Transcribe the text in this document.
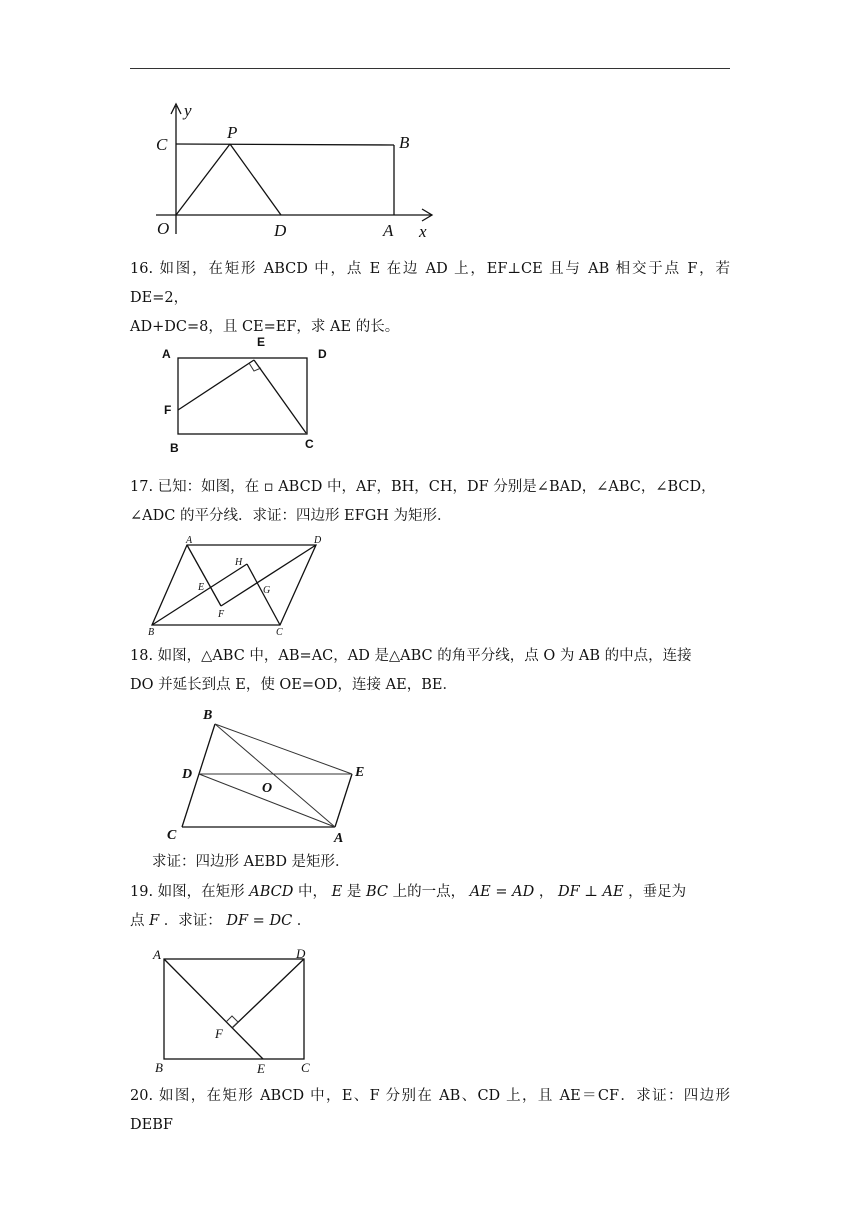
y
C
P
B
O	D	A x
16. 如图，在矩形 ABCD 中，点 E 在边 AD 上，EF⊥CE 且与 AB 相交于点 F，若 DE=2，
AD+DC=8，且 CE=EF，求 AE 的长。
A
E
D
F
B	C
17. 已知：如图，在 ▫ ABCD 中，AF，BH，CH，DF 分别是∠BAD，∠ABC，∠BCD，
∠ADC 的平分线．求证：四边形 EFGH 为矩形．
A	D
H
E	G
F
B	C
18. 如图，△ABC 中，AB=AC，AD 是△ABC 的角平分线，点 O 为 AB 的中点，连接
DO 并延长到点 E，使 OE=OD，连接 AE，BE．
B
D	E
O
C	A
求证：四边形 AEBD 是矩形．
19. 如图，在矩形 ABCD 中， E 是 BC 上的一点， AE = AD ， DF ⊥ AE ，垂足为
点 F ．求证： DF = DC ．
A	D
F
B	E	C
20. 如图，在矩形 ABCD 中，E、F 分别在 AB、CD 上，且 AE＝CF．求证：四边形 DEBF
